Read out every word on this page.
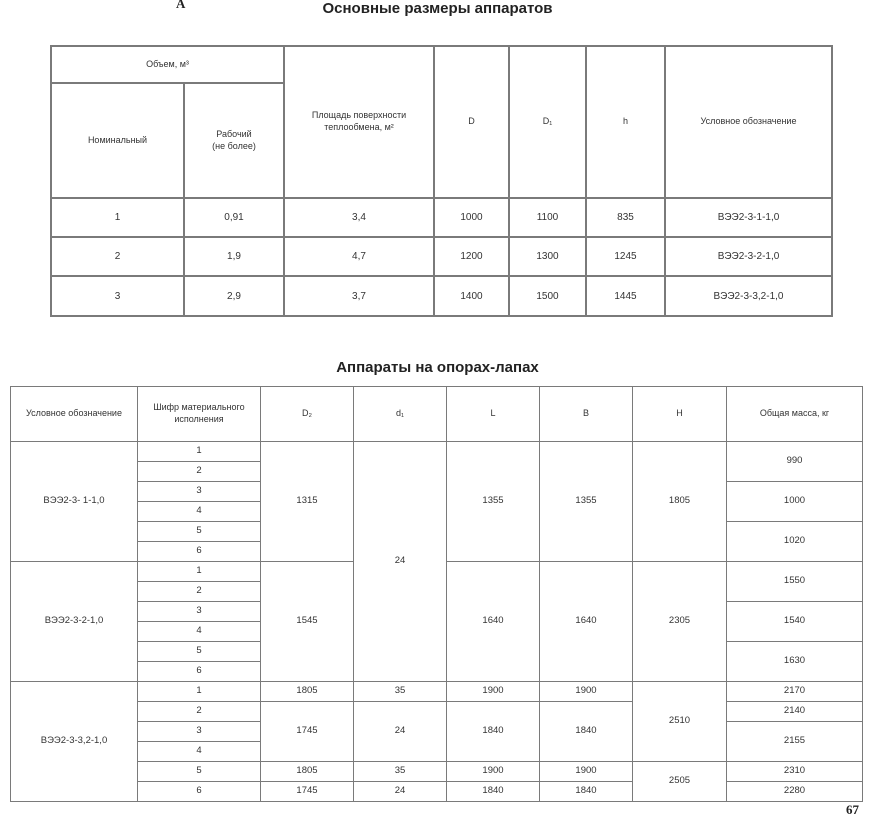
A	Основные размеры аппаратов
Объем, м³		Площадь поверхности
теплообмена, м²	D	D₁	h	Условное обозначение
Номинальный	Рабочий
(не более)					
1	0,91	3,4	1000	1100	835	ВЭЭ2-3-1-1,0
2	1,9	4,7	1200	1300	1245	ВЭЭ2-3-2-1,0
3	2,9	3,7	1400	1500	1445	ВЭЭ2-3-3,2-1,0
Аппараты на опорах-лапах
Условное обозначение	Шифр материального
исполнения	D₂	d₁	L	B	H	Общая масса, кг
ВЭЭ2-3- 1-1,0	1	1315	24	1355	1355	1805	990
	2						
	3						1000
	4						
	5						1020
	6						
ВЭЭ2-3-2-1,0	1	1545		1640	1640	2305	1550
	2						
	3						1540
	4						
	5						1630
	6						
ВЭЭ2-3-3,2-1,0	1	1805	35	1900	1900	2510	2170
	2	1745	24	1840	1840		2140
	3						2155
	4						
	5	1805	35	1900	1900	2505	2310
	6	1745	24	1840	1840		2280
67
